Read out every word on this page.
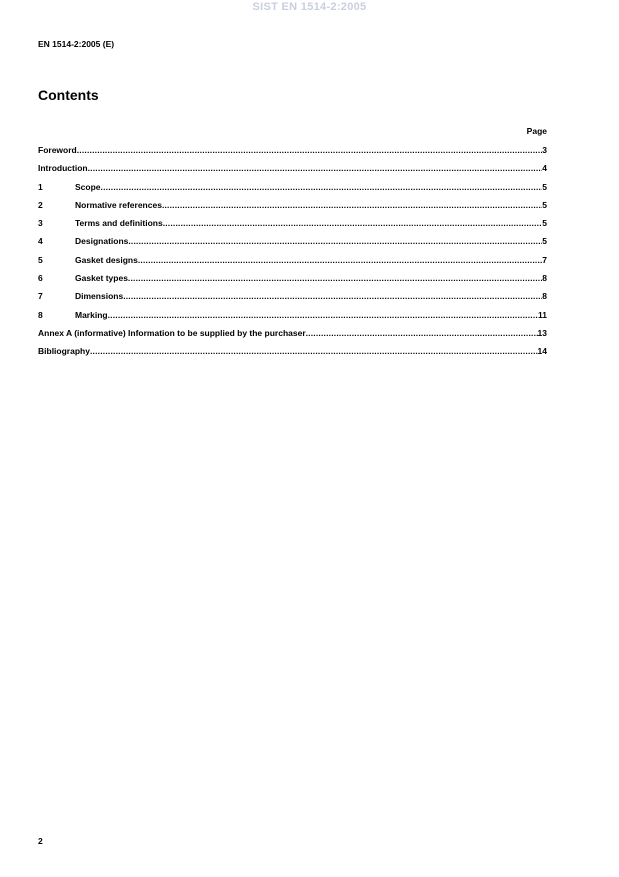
SIST EN 1514-2:2005
EN 1514-2:2005 (E)
Contents
Page
Foreword .....	3
Introduction .....	4
1	Scope .....	5
2	Normative references .....	5
3	Terms and definitions .....	5
4	Designations .....	5
5	Gasket designs .....	7
6	Gasket types .....	8
7	Dimensions .....	8
8	Marking .....	11
Annex A (informative) Information to be supplied by the purchaser .....	13
Bibliography .....	14
2
